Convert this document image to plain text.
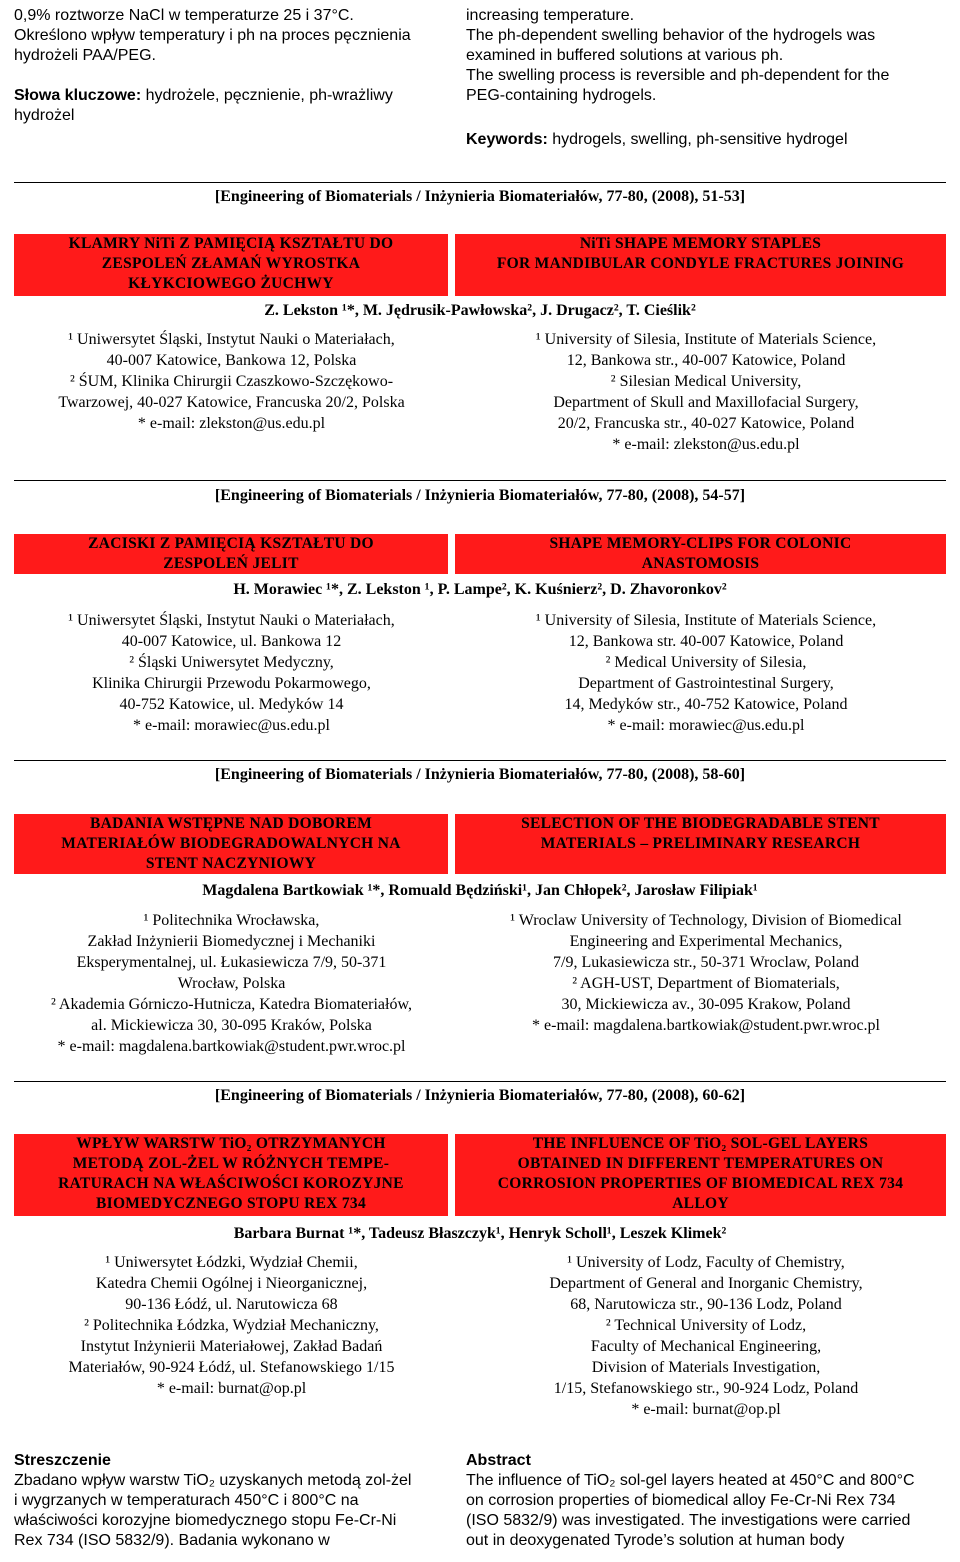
0,9% roztworze NaCl w temperaturze 25 i 37°C.
Określono wpływ temperatury i ph na proces pęcznienia
hydrożeli PAA/PEG.
Słowa kluczowe: hydrożele, pęcznienie, ph-wrażliwy
hydrożel
increasing temperature.
The ph-dependent swelling behavior of the hydrogels was
examined in buffered solutions at various ph.
The swelling process is reversible and ph-dependent for the
PEG-containing hydrogels.
Keywords: hydrogels, swelling, ph-sensitive hydrogel
[Engineering of Biomaterials / Inżynieria Biomateriałów, 77-80, (2008), 51-53]
KLAMRY NiTi Z PAMIĘCIĄ KSZTAŁTU DO
ZESPOLEŃ ZŁAMAŃ WYROSTKA
KŁYKCIOWEGO ŻUCHWY
NiTi SHAPE MEMORY STAPLES
FOR MANDIBULAR CONDYLE FRACTURES JOINING
Z. Lekston ¹*, M. Jędrusik-Pawłowska², J. Drugacz², T. Cieślik²
¹ Uniwersytet Śląski, Instytut Nauki o Materiałach,
40-007 Katowice, Bankowa 12, Polska
² ŚUM, Klinika Chirurgii Czaszkowo-Szczękowo-
Twarzowej, 40-027 Katowice, Francuska 20/2, Polska
* e-mail: zlekston@us.edu.pl
¹ University of Silesia, Institute of Materials Science,
12, Bankowa str., 40-007 Katowice, Poland
² Silesian Medical University,
Department of Skull and Maxillofacial Surgery,
20/2, Francuska str., 40-027 Katowice, Poland
* e-mail: zlekston@us.edu.pl
[Engineering of Biomaterials / Inżynieria Biomateriałów, 77-80, (2008), 54-57]
ZACISKI Z PAMIĘCIĄ KSZTAŁTU DO
ZESPOLEŃ JELIT
SHAPE MEMORY-CLIPS FOR COLONIC
ANASTOMOSIS
H. Morawiec ¹*, Z. Lekston ¹, P. Lampe², K. Kuśnierz², D. Zhavoronkov²
¹ Uniwersytet Śląski, Instytut Nauki o Materiałach,
40-007 Katowice, ul. Bankowa 12
² Śląski Uniwersytet Medyczny,
Klinika Chirurgii Przewodu Pokarmowego,
40-752 Katowice, ul. Medyków 14
* e-mail: morawiec@us.edu.pl
¹ University of Silesia, Institute of Materials Science,
12, Bankowa str. 40-007 Katowice, Poland
² Medical University of Silesia,
Department of Gastrointestinal Surgery,
14, Medyków str., 40-752 Katowice, Poland
* e-mail: morawiec@us.edu.pl
[Engineering of Biomaterials / Inżynieria Biomateriałów, 77-80, (2008), 58-60]
BADANIA WSTĘPNE NAD DOBOREM
MATERIAŁÓW BIODEGRADOWALNYCH NA
STENT NACZYNIOWY
SELECTION OF THE BIODEGRADABLE STENT
MATERIALS – PRELIMINARY RESEARCH
Magdalena Bartkowiak ¹*, Romuald Będziński¹, Jan Chłopek², Jarosław Filipiak¹
¹ Politechnika Wrocławska,
Zakład Inżynierii Biomedycznej i Mechaniki
Eksperymentalnej, ul. Łukasiewicza 7/9, 50-371
Wrocław, Polska
² Akademia Górniczo-Hutnicza, Katedra Biomateriałów,
al. Mickiewicza 30, 30-095 Kraków, Polska
* e-mail: magdalena.bartkowiak@student.pwr.wroc.pl
¹ Wroclaw University of Technology, Division of Biomedical
Engineering and Experimental Mechanics,
7/9, Lukasiewicza str., 50-371 Wroclaw, Poland
² AGH-UST, Department of Biomaterials,
30, Mickiewicza av., 30-095 Krakow, Poland
* e-mail: magdalena.bartkowiak@student.pwr.wroc.pl
[Engineering of Biomaterials / Inżynieria Biomateriałów, 77-80, (2008), 60-62]
WPŁYW WARSTW TiO₂ OTRZYMANYCH
METODĄ ZOL-ŻEL W RÓŻNYCH TEMPE-
RATURACH NA WŁAŚCIWOŚCI KOROZYJNE
BIOMEDYCZNEGO STOPU REX 734
THE INFLUENCE OF TiO₂ SOL-GEL LAYERS
OBTAINED IN DIFFERENT TEMPERATURES ON
CORROSION PROPERTIES OF BIOMEDICAL REX 734
ALLOY
Barbara Burnat ¹*, Tadeusz Błaszczyk¹, Henryk Scholl¹, Leszek Klimek²
¹ Uniwersytet Łódzki, Wydział Chemii,
Katedra Chemii Ogólnej i Nieorganicznej,
90-136 Łódź, ul. Narutowicza 68
² Politechnika Łódzka, Wydział Mechaniczny,
Instytut Inżynierii Materiałowej, Zakład Badań
Materiałów, 90-924 Łódź, ul. Stefanowskiego 1/15
* e-mail: burnat@op.pl
¹ University of Lodz, Faculty of Chemistry,
Department of General and Inorganic Chemistry,
68, Narutowicza str., 90-136 Lodz, Poland
² Technical University of Lodz,
Faculty of Mechanical Engineering,
Division of Materials Investigation,
1/15, Stefanowskiego str., 90-924 Lodz, Poland
* e-mail: burnat@op.pl
Streszczenie
Zbadano wpływ warstw TiO₂ uzyskanych metodą zol-żel
i wygrzanych w temperaturach 450°C i 800°C na
właściwości korozyjne biomedycznego stopu Fe-Cr-Ni
Rex 734 (ISO 5832/9). Badania wykonano w
Abstract
The influence of TiO₂ sol-gel layers heated at 450°C and 800°C
on corrosion properties of biomedical alloy Fe-Cr-Ni Rex 734
(ISO 5832/9) was investigated. The investigations were carried
out in deoxygenated Tyrode’s solution at human body
